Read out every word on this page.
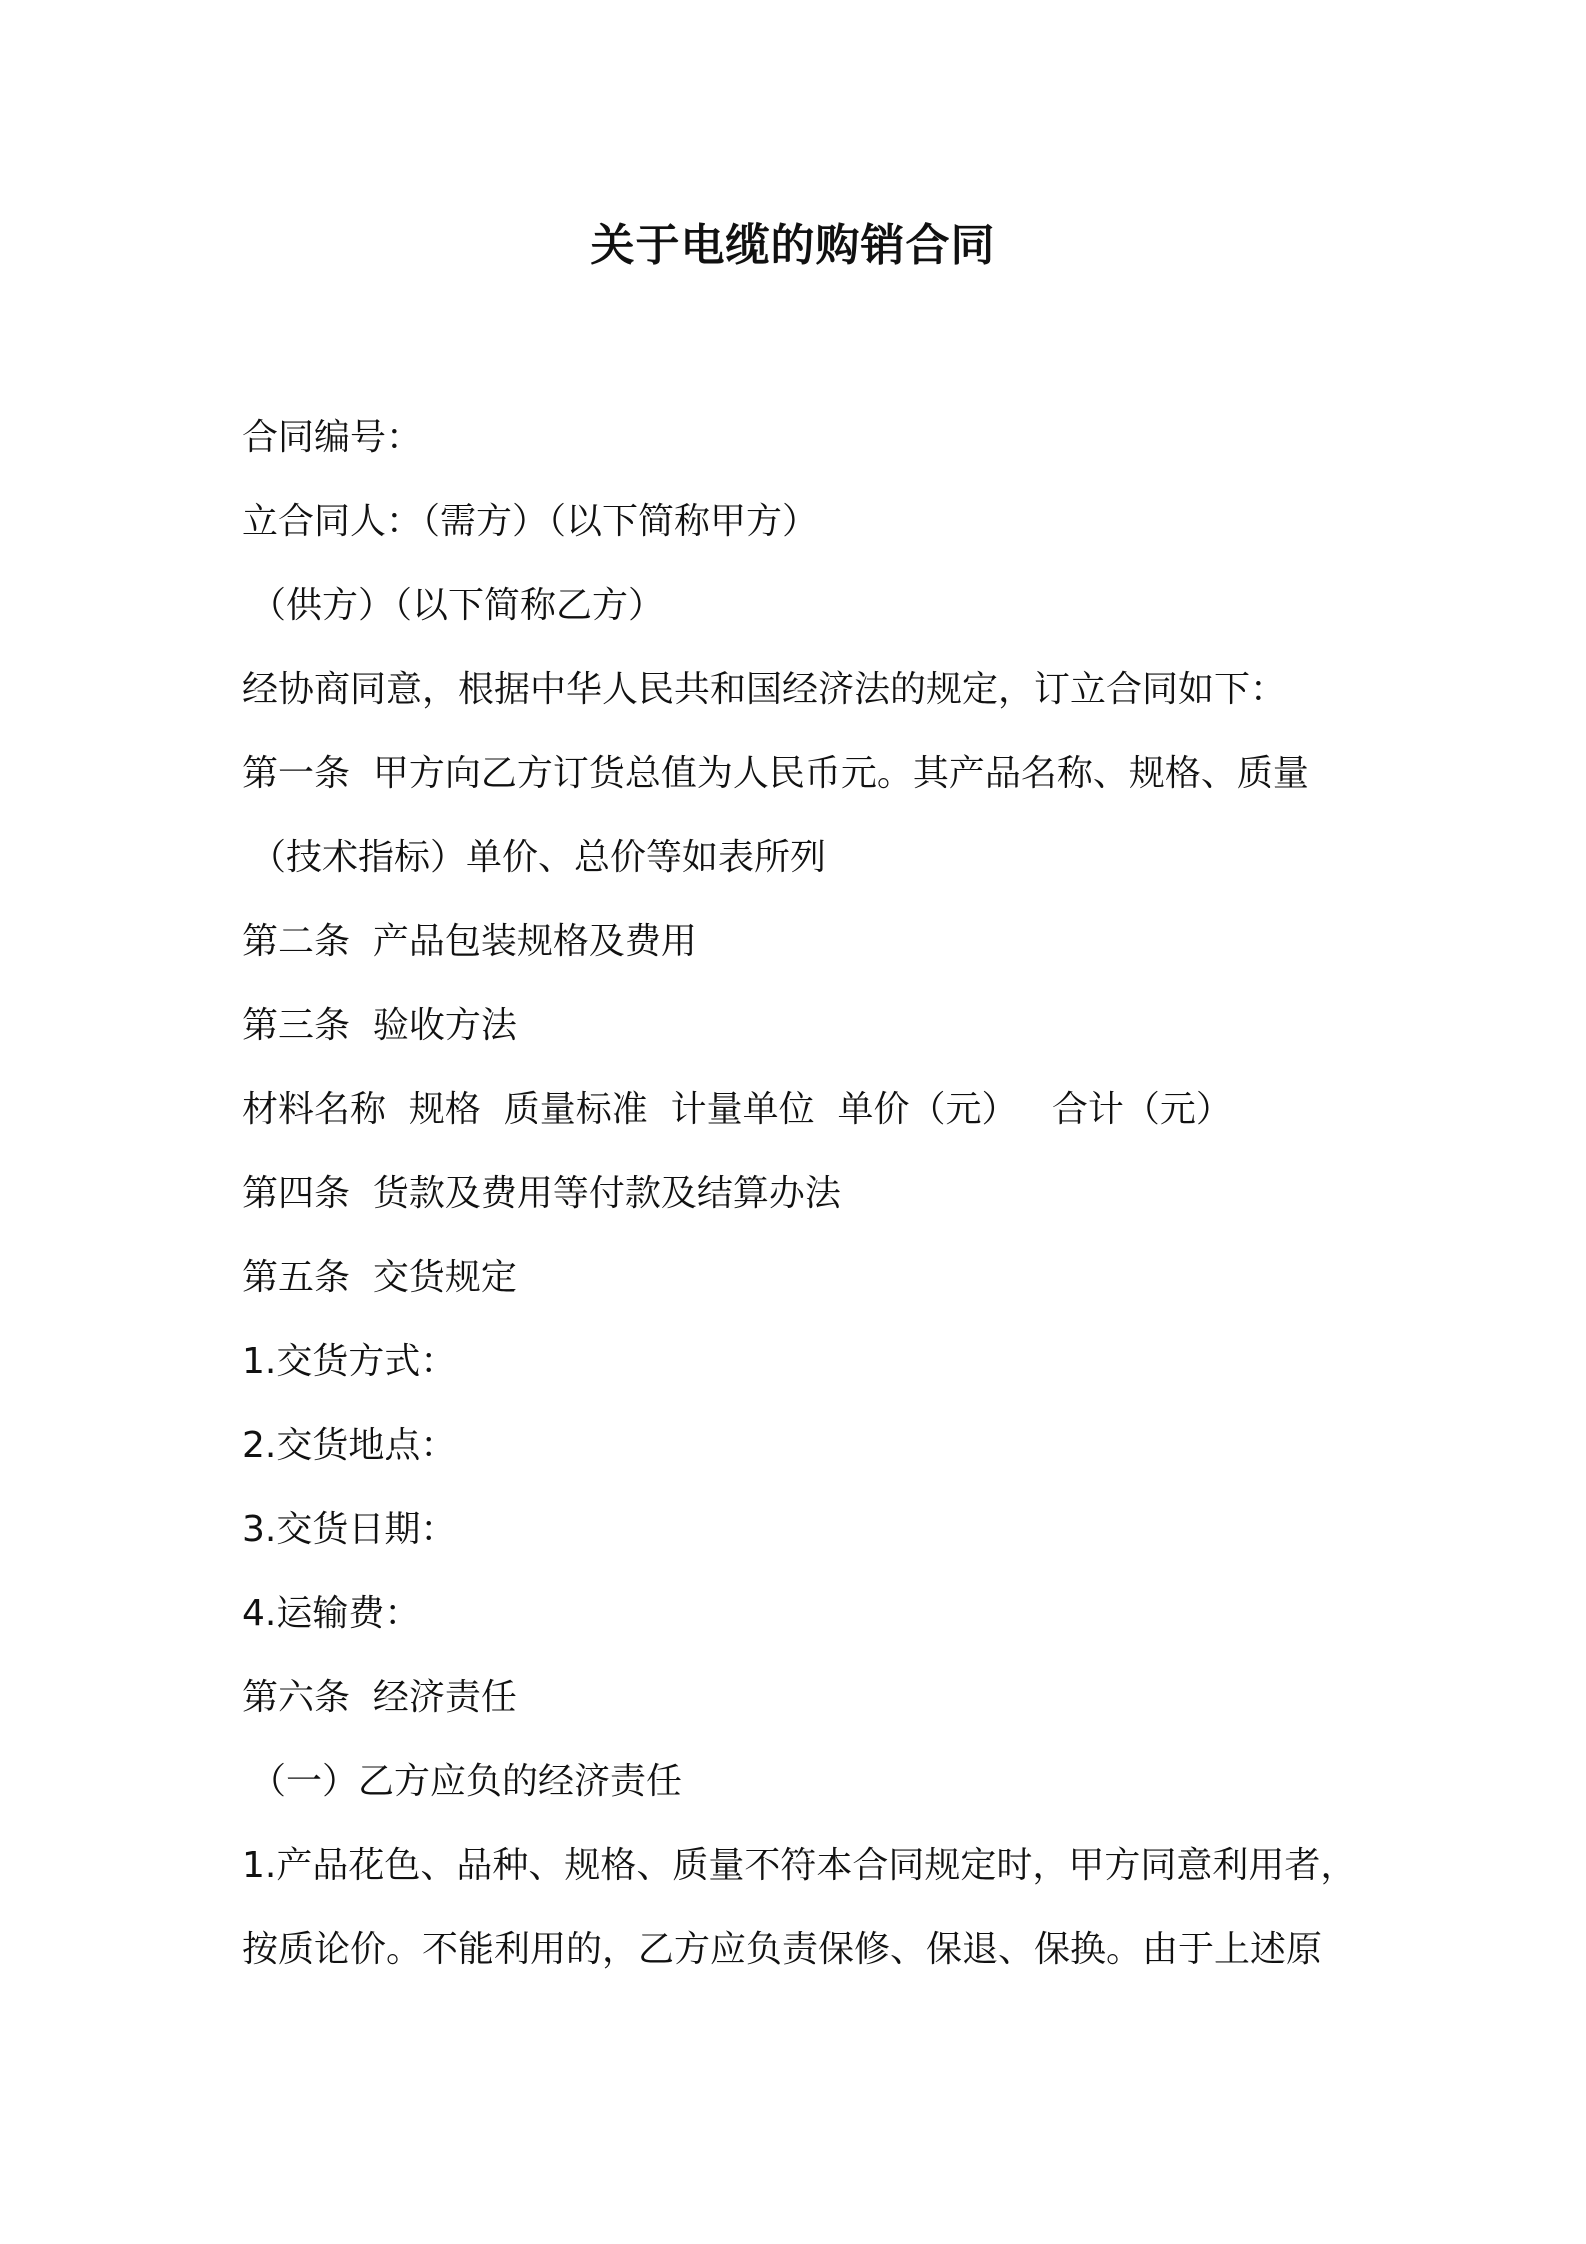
关于电缆的购销合同
合同编号：
立合同人：（需方）（以下简称甲方）
（供方）（以下简称乙方）
经协商同意，根据中华人民共和国经济法的规定，订立合同如下：
第一条  甲方向乙方订货总值为人民币元。其产品名称、规格、质量
（技术指标）单价、总价等如表所列
第二条  产品包装规格及费用
第三条  验收方法
材料名称  规格  质量标准  计量单位  单价（元）   合计（元）
第四条  货款及费用等付款及结算办法
第五条  交货规定
1.交货方式：
2.交货地点：
3.交货日期：
4.运输费：
第六条  经济责任
（一）乙方应负的经济责任
1.产品花色、品种、规格、质量不符本合同规定时，甲方同意利用者，
按质论价。不能利用的，乙方应负责保修、保退、保换。由于上述原
